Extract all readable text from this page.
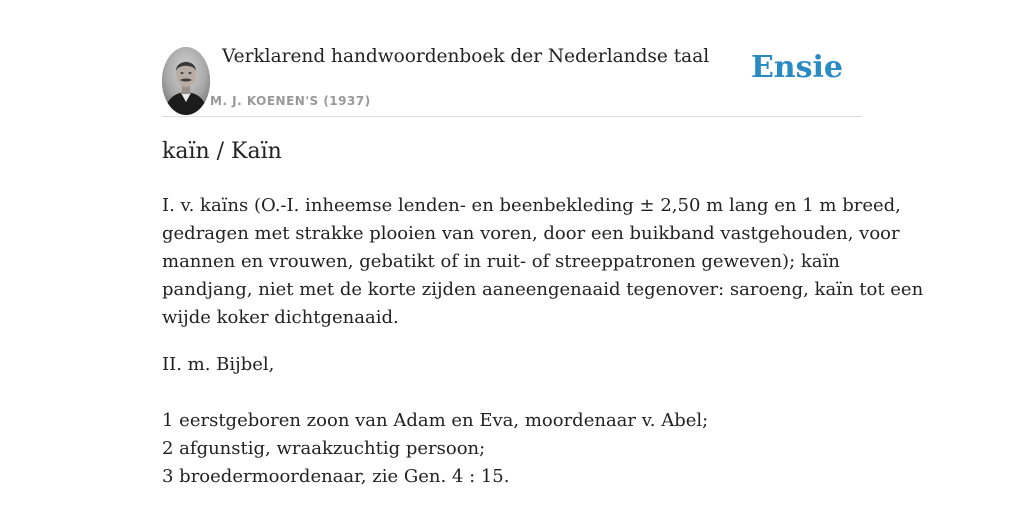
Verklarend handwoordenboek der Nederlandse taal
M. J. KOENEN'S (1937)
Ensie
kaïn / Kaïn

I. v. kaïns (O.-I. inheemse lenden- en beenbekleding ± 2,50 m lang en 1 m breed,
gedragen met strakke plooien van voren, door een buikband vastgehouden, voor
mannen en vrouwen, gebatikt of in ruit- of streeppatronen geweven); kaïn
pandjang, niet met de korte zijden aaneengenaaid tegenover: saroeng, kaïn tot een
wijde koker dichtgenaaid.

II. m. Bijbel,
1 eerstgeboren zoon van Adam en Eva, moordenaar v. Abel;
2 afgunstig, wraakzuchtig persoon;
3 broedermoordenaar, zie Gen. 4 : 15.
